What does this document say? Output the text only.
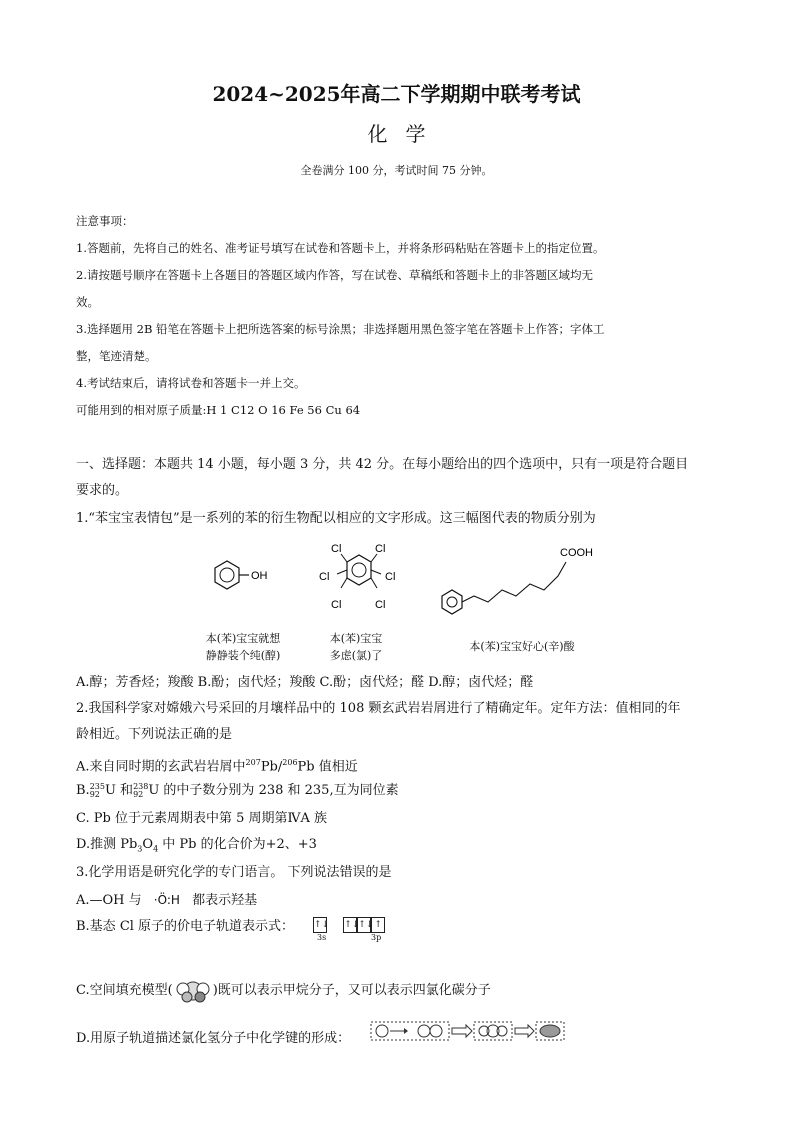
2024~2025年高二下学期期中联考考试
化学
全卷满分 100 分，考试时间 75 分钟。
注意事项：
1.答题前，先将自己的姓名、准考证号填写在试卷和答题卡上，并将条形码粘贴在答题卡上的指定位置。
2.请按题号顺序在答题卡上各题目的答题区域内作答，写在试卷、草稿纸和答题卡上的非答题区域均无
效。
3.选择题用 2B 铅笔在答题卡上把所选答案的标号涂黑；非选择题用黑色签字笔在答题卡上作答；字体工
整，笔迹清楚。
4.考试结束后，请将试卷和答题卡一并上交。
可能用到的相对原子质量:H 1 C12 O 16 Fe 56 Cu 64
一、选择题：本题共 14 小题，每小题 3 分，共 42 分。在每小题给出的四个选项中，只有一项是符合题目
要求的。
1.“苯宝宝表情包”是一系列的苯的衍生物配以相应的文字形成。这三幅图代表的物质分别为
OH
Cl	Cl
Cl	Cl
Cl	Cl
COOH
本(苯)宝宝就想
静静装个纯(醇)
本(苯)宝宝
多虑(氯)了
本(苯)宝宝好心(辛)酸
A.醇；芳香烃；羧酸 B.酚；卤代烃；羧酸 C.酚；卤代烃；醛 D.醇；卤代烃；醛
2.我国科学家对嫦娥六号采回的月壤样品中的 108 颗玄武岩岩屑进行了精确定年。定年方法：值相同的年
龄相近。下列说法正确的是
A.来自同时期的玄武岩岩屑中$^{207}$Pb/$^{206}$Pb 值相近
B. 235
92 U 和 238
92 U 的中子数分别为 238 和 235,互为同位素
C. Pb 位于元素周期表中第 5 周期第ⅣA 族
D.推测 $Pb_3O_4$ 中 Pb 的化合价为+2、+3
3.化学用语是研究化学的专门语言。 下列说法错误的是
A.—OH 与 ·Ö:H 都表示羟基
B.基态 Cl 原子的价电子轨道表示式： ↑↓ ↑↓↑↓↑
3s	3p
C.空间填充模型(	)既可以表示甲烷分子，又可以表示四氯化碳分子
D.用原子轨道描述氯化氢分子中化学键的形成：
